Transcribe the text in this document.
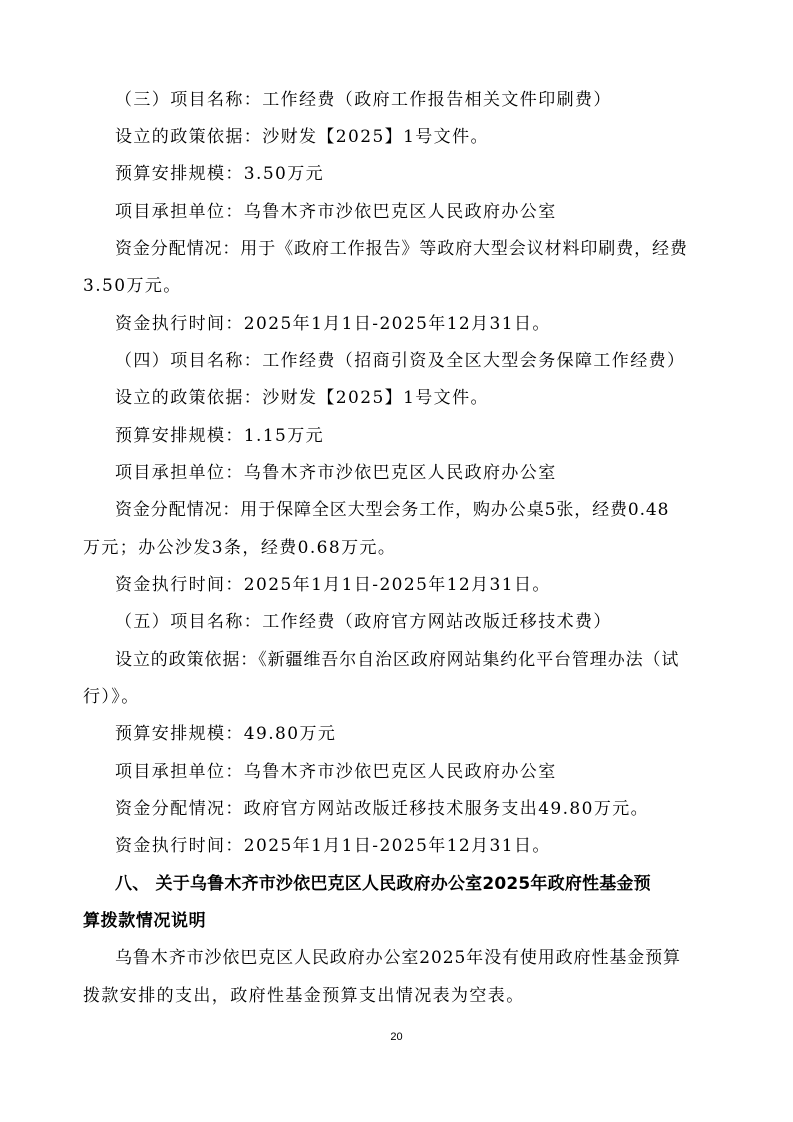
（三）项目名称：工作经费（政府工作报告相关文件印刷费）
设立的政策依据：沙财发【2025】1号文件。
预算安排规模：3.50万元
项目承担单位：乌鲁木齐市沙依巴克区人民政府办公室
资金分配情况：用于《政府工作报告》等政府大型会议材料印刷费，经费
3.50万元。
资金执行时间：2025年1月1日-2025年12月31日。
（四）项目名称：工作经费（招商引资及全区大型会务保障工作经费）
设立的政策依据：沙财发【2025】1号文件。
预算安排规模：1.15万元
项目承担单位：乌鲁木齐市沙依巴克区人民政府办公室
资金分配情况：用于保障全区大型会务工作，购办公桌5张，经费0.48
万元；办公沙发3条，经费0.68万元。
资金执行时间：2025年1月1日-2025年12月31日。
（五）项目名称：工作经费（政府官方网站改版迁移技术费）
设立的政策依据：《新疆维吾尔自治区政府网站集约化平台管理办法（试
行）》。
预算安排规模：49.80万元
项目承担单位：乌鲁木齐市沙依巴克区人民政府办公室
资金分配情况：政府官方网站改版迁移技术服务支出49.80万元。
资金执行时间：2025年1月1日-2025年12月31日。
八、 关于乌鲁木齐市沙依巴克区人民政府办公室2025年政府性基金预
算拨款情况说明
乌鲁木齐市沙依巴克区人民政府办公室2025年没有使用政府性基金预算
拨款安排的支出，政府性基金预算支出情况表为空表。
20
